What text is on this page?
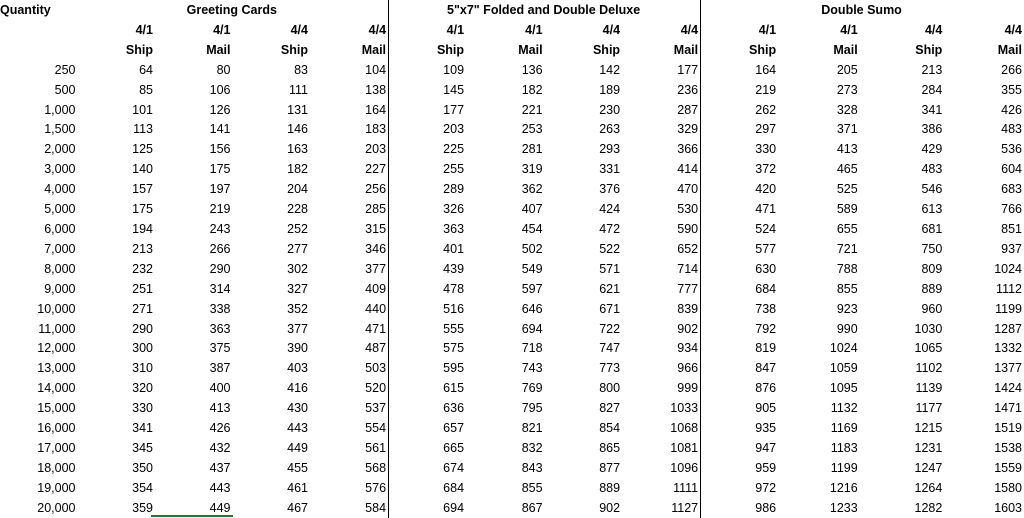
Quantity	Greeting Cards				5"x7" Folded and Double Deluxe				Double Sumo			
	4/1	4/1	4/4	4/4	4/1	4/1	4/4	4/4	4/1	4/1	4/4	4/4
	Ship	Mail	Ship	Mail	Ship	Mail	Ship	Mail	Ship	Mail	Ship	Mail
250	64	80	83	104	109	136	142	177	164	205	213	266
500	85	106	111	138	145	182	189	236	219	273	284	355
1,000	101	126	131	164	177	221	230	287	262	328	341	426
1,500	113	141	146	183	203	253	263	329	297	371	386	483
2,000	125	156	163	203	225	281	293	366	330	413	429	536
3,000	140	175	182	227	255	319	331	414	372	465	483	604
4,000	157	197	204	256	289	362	376	470	420	525	546	683
5,000	175	219	228	285	326	407	424	530	471	589	613	766
6,000	194	243	252	315	363	454	472	590	524	655	681	851
7,000	213	266	277	346	401	502	522	652	577	721	750	937
8,000	232	290	302	377	439	549	571	714	630	788	809	1024
9,000	251	314	327	409	478	597	621	777	684	855	889	1112
10,000	271	338	352	440	516	646	671	839	738	923	960	1199
11,000	290	363	377	471	555	694	722	902	792	990	1030	1287
12,000	300	375	390	487	575	718	747	934	819	1024	1065	1332
13,000	310	387	403	503	595	743	773	966	847	1059	1102	1377
14,000	320	400	416	520	615	769	800	999	876	1095	1139	1424
15,000	330	413	430	537	636	795	827	1033	905	1132	1177	1471
16,000	341	426	443	554	657	821	854	1068	935	1169	1215	1519
17,000	345	432	449	561	665	832	865	1081	947	1183	1231	1538
18,000	350	437	455	568	674	843	877	1096	959	1199	1247	1559
19,000	354	443	461	576	684	855	889	1111	972	1216	1264	1580
20,000	359	449	467	584	694	867	902	1127	986	1233	1282	1603
